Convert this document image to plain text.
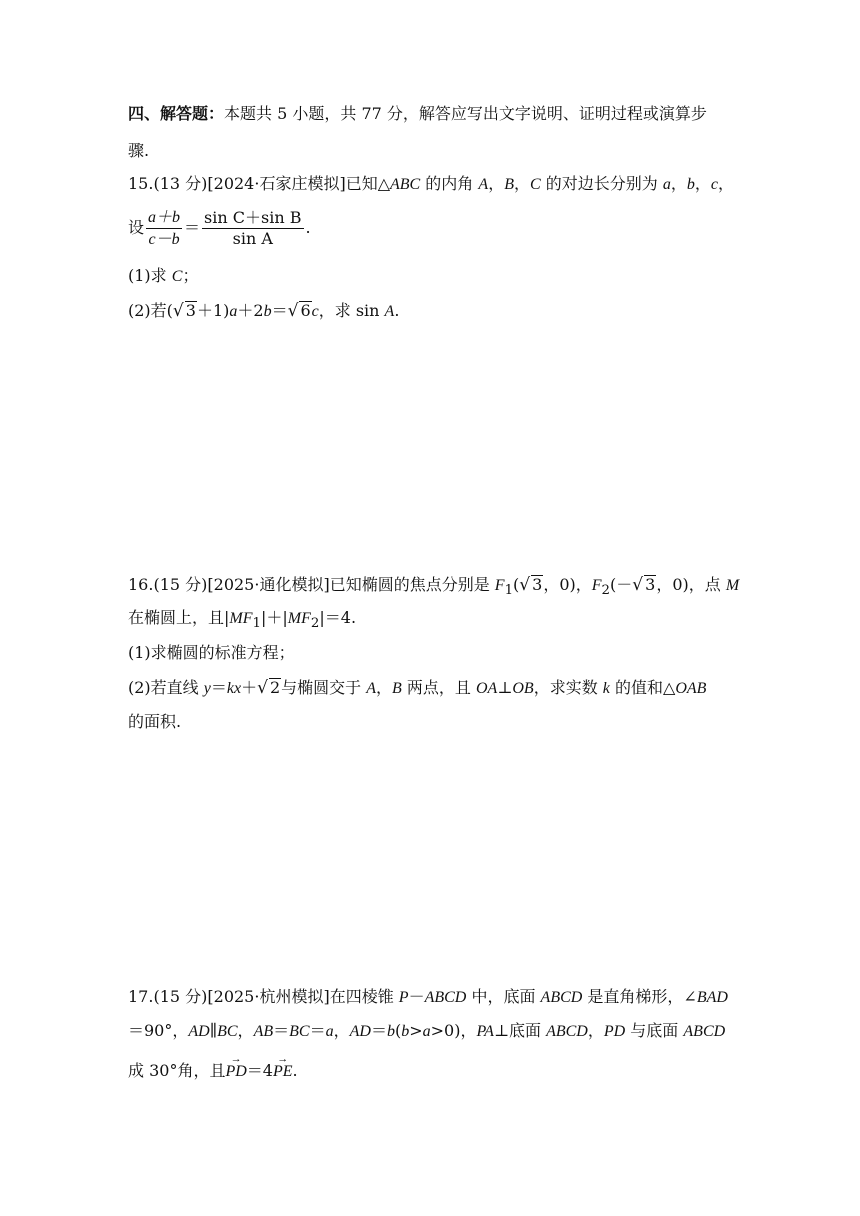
四、解答题：本题共 5 小题，共 77 分，解答应写出文字说明、证明过程或演算步
骤.
15.(13 分)[2024·石家庄模拟]已知△ABC 的内角 A，B，C 的对边长分别为 a，b，c，
设 $\frac{a+b}{c-b} = \frac{\text{sin C＋sin B}}{\text{sin A}}$ .
(1)求 C；
(2)若(√ 3＋1)a＋2b＝√ 6c，求 sin A.
16.(15 分)[2025·通化模拟]已知椭圆的焦点分别是 $F_1(√$ 3，0)，$F_2(-√$ 3，0)，点 M
在椭圆上，且$|MF_1|+|MF_2|=4$.
(1)求椭圆的标准方程；
(2)若直线 y＝kx＋√ 2与椭圆交于 A，B 两点，且 OA⊥OB，求实数 k 的值和△OAB
的面积.
17.(15 分)[2025·杭州模拟]在四棱锥 P－ABCD 中，底面 ABCD 是直角梯形，∠BAD
＝90°，AD∥BC，AB＝BC＝a，AD＝b(b>a>0)，PA⊥底面 ABCD，PD 与底面 ABCD
成 30°角，且PD →＝4PE →.
